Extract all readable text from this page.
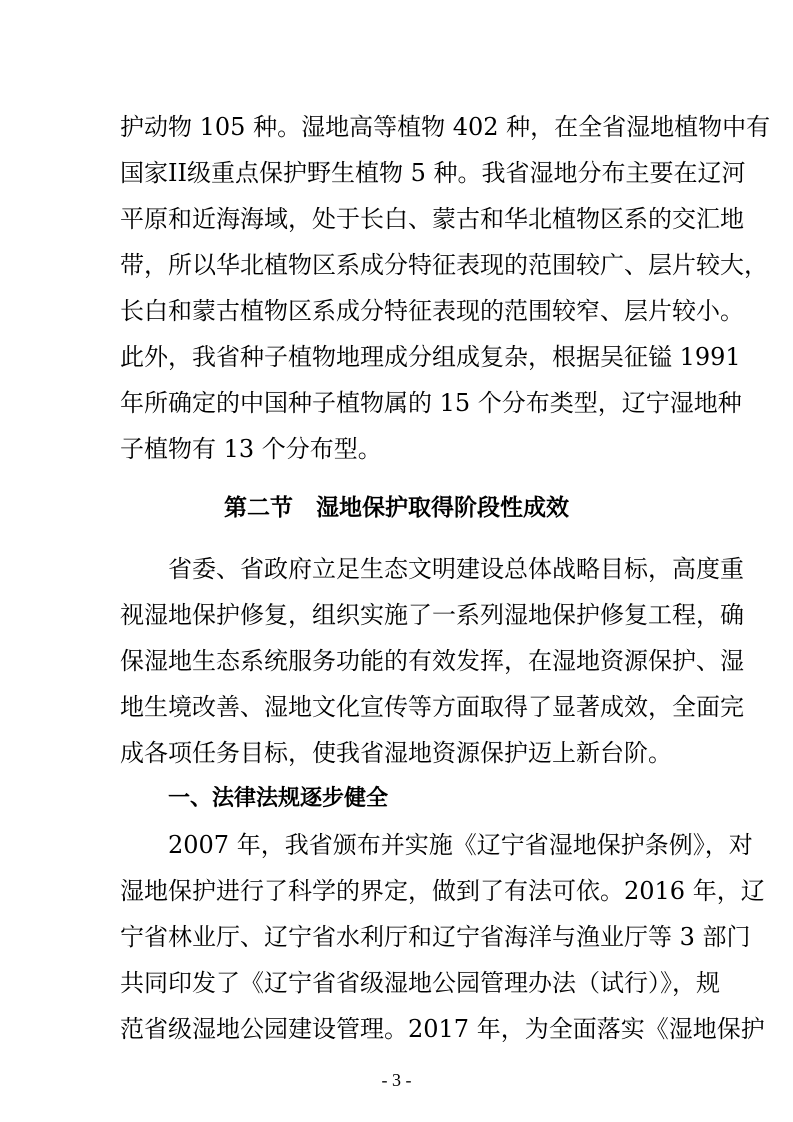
护动物 105 种。湿地高等植物 402 种，在全省湿地植物中有
国家II级重点保护野生植物 5 种。我省湿地分布主要在辽河
平原和近海海域，处于长白、蒙古和华北植物区系的交汇地
带，所以华北植物区系成分特征表现的范围较广、层片较大，
长白和蒙古植物区系成分特征表现的范围较窄、层片较小。
此外，我省种子植物地理成分组成复杂，根据吴征镒 1991
年所确定的中国种子植物属的 15 个分布类型，辽宁湿地种
子植物有 13 个分布型。
第二节　湿地保护取得阶段性成效
省委、省政府立足生态文明建设总体战略目标，高度重
视湿地保护修复，组织实施了一系列湿地保护修复工程，确
保湿地生态系统服务功能的有效发挥，在湿地资源保护、湿
地生境改善、湿地文化宣传等方面取得了显著成效，全面完
成各项任务目标，使我省湿地资源保护迈上新台阶。
一、法律法规逐步健全
2007 年，我省颁布并实施《辽宁省湿地保护条例》，对
湿地保护进行了科学的界定，做到了有法可依。2016 年，辽
宁省林业厅、辽宁省水利厅和辽宁省海洋与渔业厅等 3 部门
共同印发了《辽宁省省级湿地公园管理办法（试行）》，规
范省级湿地公园建设管理。2017 年，为全面落实《湿地保护
- 3 -
